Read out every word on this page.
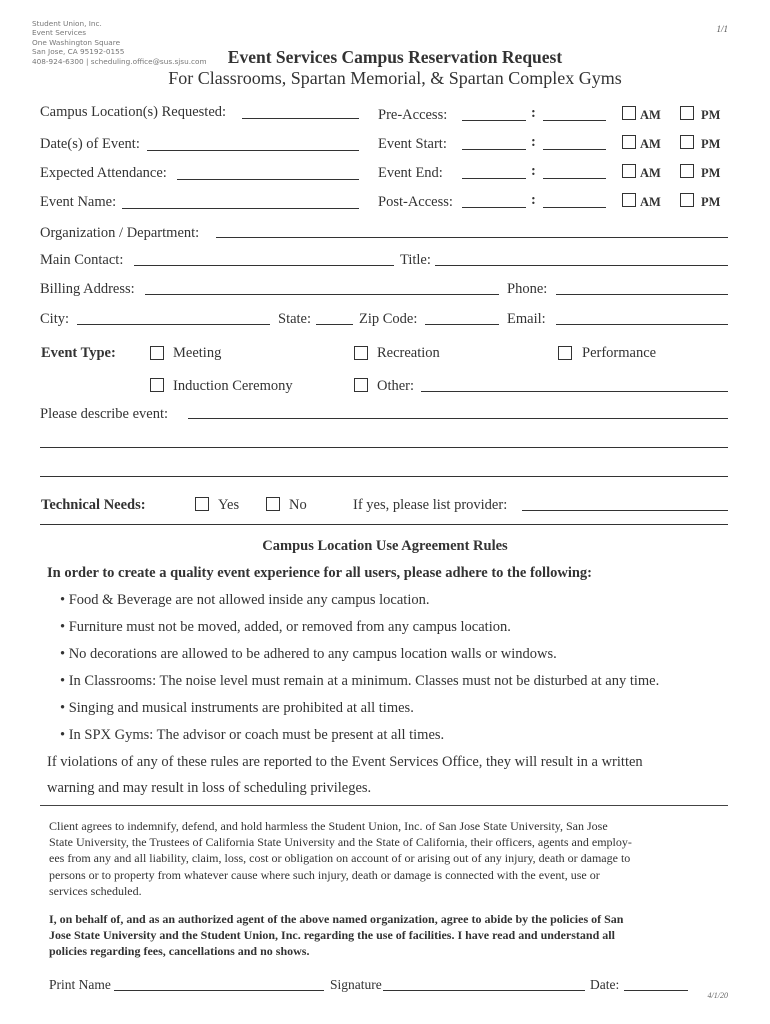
Student Union, Inc.
Event Services
One Washington Square
San Jose, CA 95192-0155
408-924-6300 | scheduling.office@sus.sjsu.com
1/1
Event Services Campus Reservation Request
For Classrooms, Spartan Memorial, & Spartan Complex Gyms
Campus Location(s) Requested:
Date(s) of Event:
Expected Attendance:
Event Name:
Pre-Access:	:	AM	PM
Event Start:	:	AM	PM
Event End:	:	AM	PM
Post-Access:	:	AM	PM
Organization / Department:
Main Contact:	Title:
Billing Address:	Phone:
City:	State:	Zip Code:	Email:
Event Type:	Meeting	Recreation	Performance
Induction Ceremony	Other:
Please describe event:
Technical Needs:	Yes	No	If yes, please list provider:
Campus Location Use Agreement Rules
In order to create a quality event experience for all users, please adhere to the following:
• Food & Beverage are not allowed inside any campus location.
• Furniture must not be moved, added, or removed from any campus location.
• No decorations are allowed to be adhered to any campus location walls or windows.
• In Classrooms: The noise level must remain at a minimum. Classes must not be disturbed at any time.
• Singing and musical instruments are prohibited at all times.
• In SPX Gyms: The advisor or coach must be present at all times.
If violations of any of these rules are reported to the Event Services Office, they will result in a written
warning and may result in loss of scheduling privileges.
Client agrees to indemnify, defend, and hold harmless the Student Union, Inc. of San Jose State University, San Jose
State University, the Trustees of California State University and the State of California, their officers, agents and employ-
ees from any and all liability, claim, loss, cost or obligation on account of or arising out of any injury, death or damage to
persons or to property from whatever cause where such injury, death or damage is connected with the event, use or
services scheduled.
I, on behalf of, and as an authorized agent of the above named organization, agree to abide by the policies of San
Jose State University and the Student Union, Inc. regarding the use of facilities. I have read and understand all
policies regarding fees, cancellations and no shows.
Print Name	Signature	Date:
4/1/20
